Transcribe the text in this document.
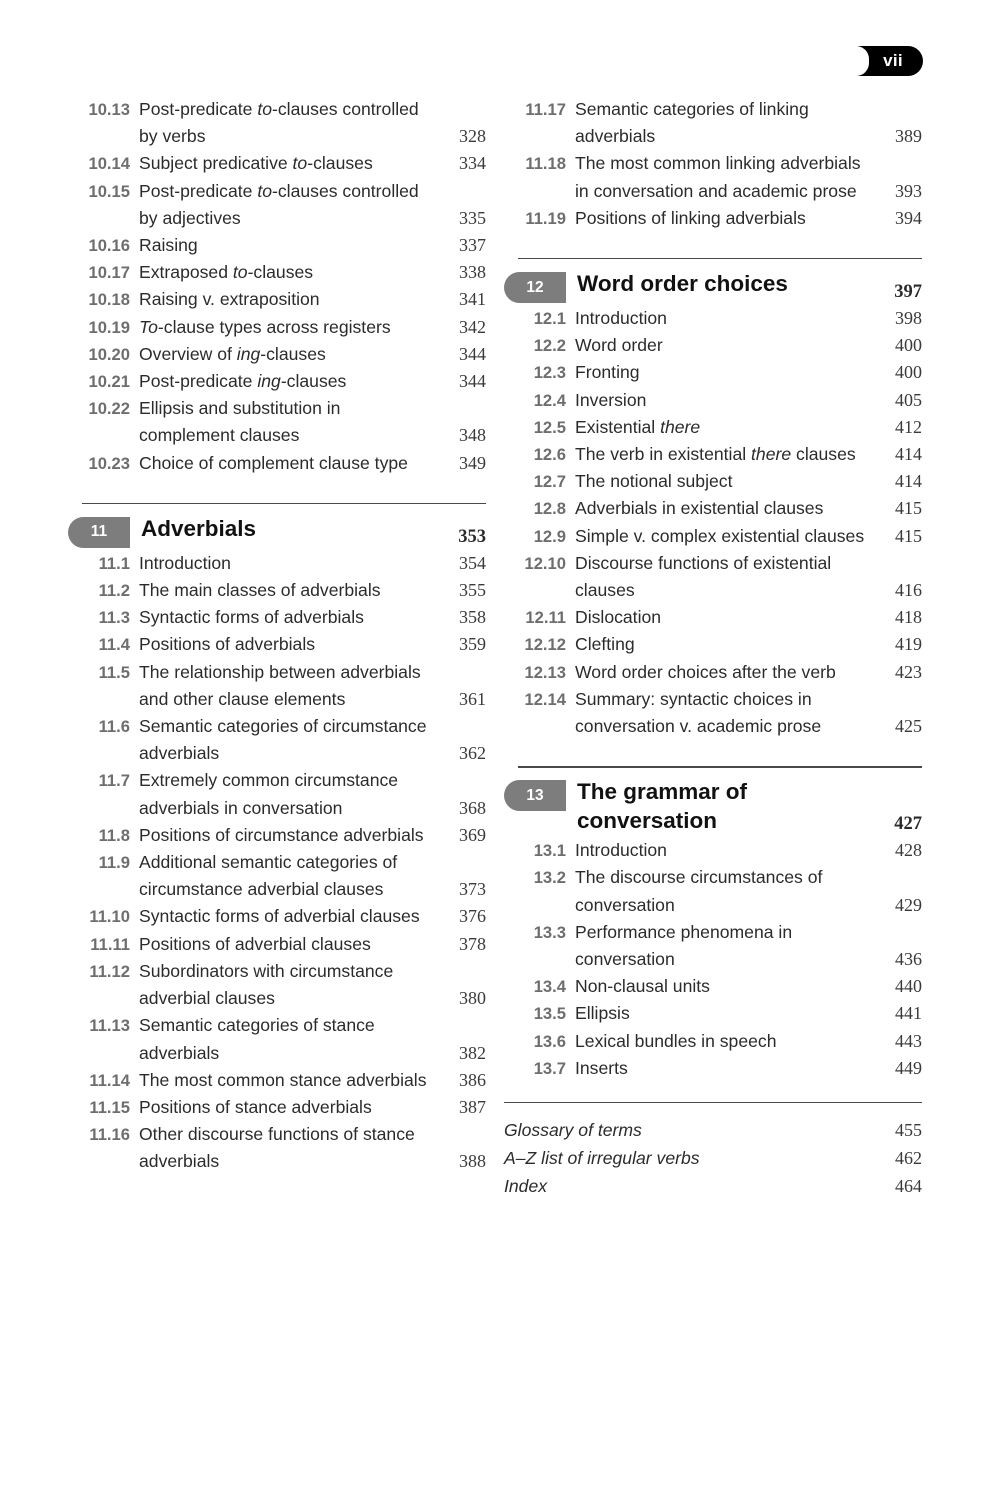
vii
10.13 Post-predicate to-clauses controlled by verbs	328
10.14 Subject predicative to-clauses	334
10.15 Post-predicate to-clauses controlled by adjectives	335
10.16 Raising	337
10.17 Extraposed to-clauses	338
10.18 Raising v. extraposition	341
10.19 To-clause types across registers	342
10.20 Overview of ing-clauses	344
10.21 Post-predicate ing-clauses	344
10.22 Ellipsis and substitution in complement clauses	348
10.23 Choice of complement clause type	349
11	Adverbials	353
11.1 Introduction	354
11.2 The main classes of adverbials	355
11.3 Syntactic forms of adverbials	358
11.4 Positions of adverbials	359
11.5 The relationship between adverbials and other clause elements	361
11.6 Semantic categories of circumstance adverbials	362
11.7 Extremely common circumstance adverbials in conversation	368
11.8 Positions of circumstance adverbials	369
11.9 Additional semantic categories of circumstance adverbial clauses	373
11.10 Syntactic forms of adverbial clauses	376
11.11 Positions of adverbial clauses	378
11.12 Subordinators with circumstance adverbial clauses	380
11.13 Semantic categories of stance adverbials	382
11.14 The most common stance adverbials	386
11.15 Positions of stance adverbials	387
11.16 Other discourse functions of stance adverbials	388
11.17 Semantic categories of linking adverbials	389
11.18 The most common linking adverbials in conversation and academic prose	393
11.19 Positions of linking adverbials	394
12	Word order choices	397
12.1 Introduction	398
12.2 Word order	400
12.3 Fronting	400
12.4 Inversion	405
12.5 Existential there	412
12.6 The verb in existential there clauses	414
12.7 The notional subject	414
12.8 Adverbials in existential clauses	415
12.9 Simple v. complex existential clauses	415
12.10 Discourse functions of existential clauses	416
12.11 Dislocation	418
12.12 Clefting	419
12.13 Word order choices after the verb	423
12.14 Summary: syntactic choices in conversation v. academic prose	425
13	The grammar of conversation	427
13.1 Introduction	428
13.2 The discourse circumstances of conversation	429
13.3 Performance phenomena in conversation	436
13.4 Non-clausal units	440
13.5 Ellipsis	441
13.6 Lexical bundles in speech	443
13.7 Inserts	449
Glossary of terms	455
A–Z list of irregular verbs	462
Index	464
